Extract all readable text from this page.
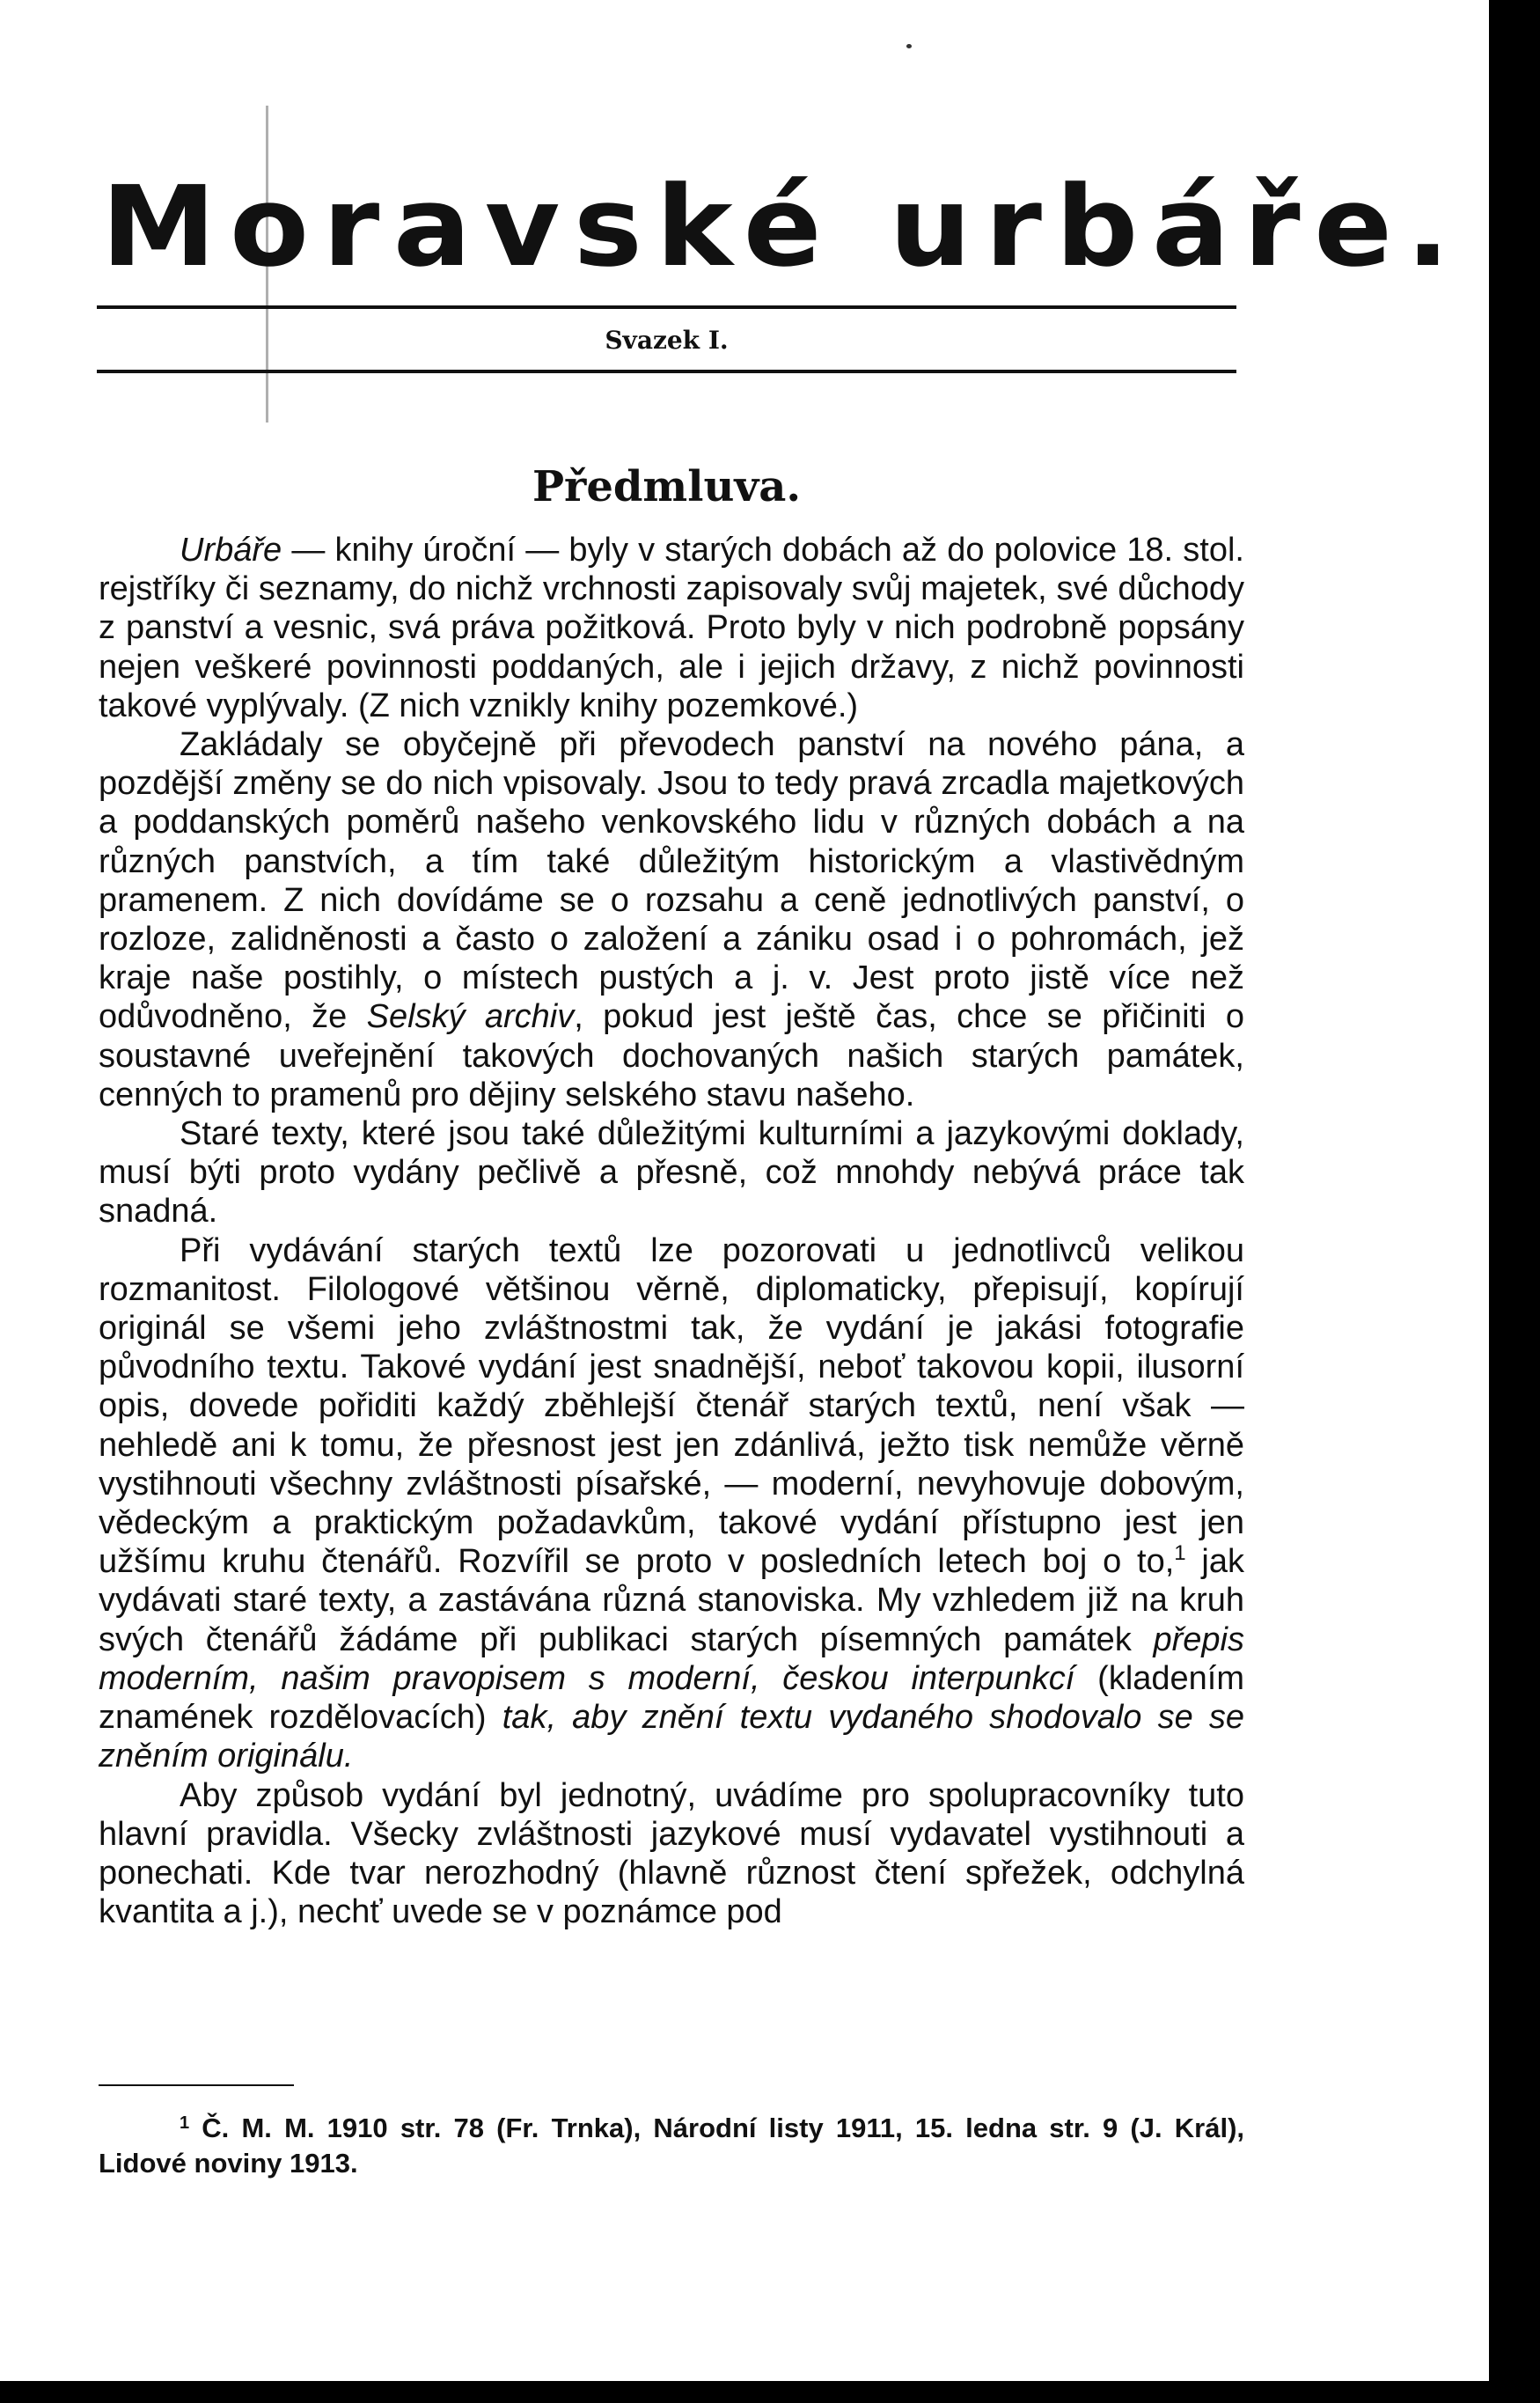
Moravské urbáře.
Svazek I.
Předmluva.

Urbáře — knihy úroční — byly v starých dobách až do polovice 18. stol. rejstříky či seznamy, do nichž vrchnosti zapisovaly svůj majetek, své důchody z panství a vesnic, svá práva požitková. Proto byly v nich podrobně popsány nejen veškeré povinnosti poddaných, ale i jejich državy, z nichž povinnosti takové vyplývaly. (Z nich vznikly knihy pozemkové.)

Zakládaly se obyčejně při převodech panství na nového pána, a pozdější změny se do nich vpisovaly. Jsou to tedy pravá zrcadla majetkových a poddanských poměrů našeho venkovského lidu v různých dobách a na různých panstvích, a tím také důležitým historickým a vlastivědným pramenem. Z nich dovídáme se o rozsahu a ceně jednotlivých panství, o rozloze, zalidněnosti a často o založení a zániku osad i o pohromách, jež kraje naše postihly, o místech pustých a j. v. Jest proto jistě více než odůvodněno, že Selský archiv, pokud jest ještě čas, chce se přičiniti o soustavné uveřejnění takových dochovaných našich starých památek, cenných to pramenů pro dějiny selského stavu našeho.

Staré texty, které jsou také důležitými kulturními a jazykovými doklady, musí býti proto vydány pečlivě a přesně, což mnohdy nebývá práce tak snadná.

Při vydávání starých textů lze pozorovati u jednotlivců velikou rozmanitost. Filologové většinou věrně, diplomaticky, přepisují, kopírují originál se všemi jeho zvláštnostmi tak, že vydání je jakási fotografie původního textu. Takové vydání jest snadnější, neboť takovou kopii, ilusorní opis, dovede pořiditi každý zběhlejší čtenář starých textů, není však — nehledě ani k tomu, že přesnost jest jen zdánlivá, ježto tisk nemůže věrně vystihnouti všechny zvláštnosti písařské, — moderní, nevyhovuje dobovým, vědeckým a praktickým požadavkům, takové vydání přístupno jest jen užšímu kruhu čtenářů. Rozvířil se proto v posledních letech boj o to,$^1$ jak vydávati staré texty, a zastávána různá stanoviska. My vzhledem již na kruh svých čtenářů žádáme při publikaci starých písemných památek přepis moderním, našim pravopisem s moderní, českou interpunkcí (kladením znamének rozdělovacích) tak, aby znění textu vydaného shodovalo se se zněním originálu.

Aby způsob vydání byl jednotný, uvádíme pro spolupracovníky tuto hlavní pravidla. Všecky zvláštnosti jazykové musí vydavatel vystihnouti a ponechati. Kde tvar nerozhodný (hlavně různost čtení spřežek, odchylná kvantita a j.), nechť uvede se v poznámce pod

$^1$ Č. M. M. 1910 str. 78 (Fr. Trnka), Národní listy 1911, 15. ledna str. 9 (J. Král), Lidové noviny 1913.
